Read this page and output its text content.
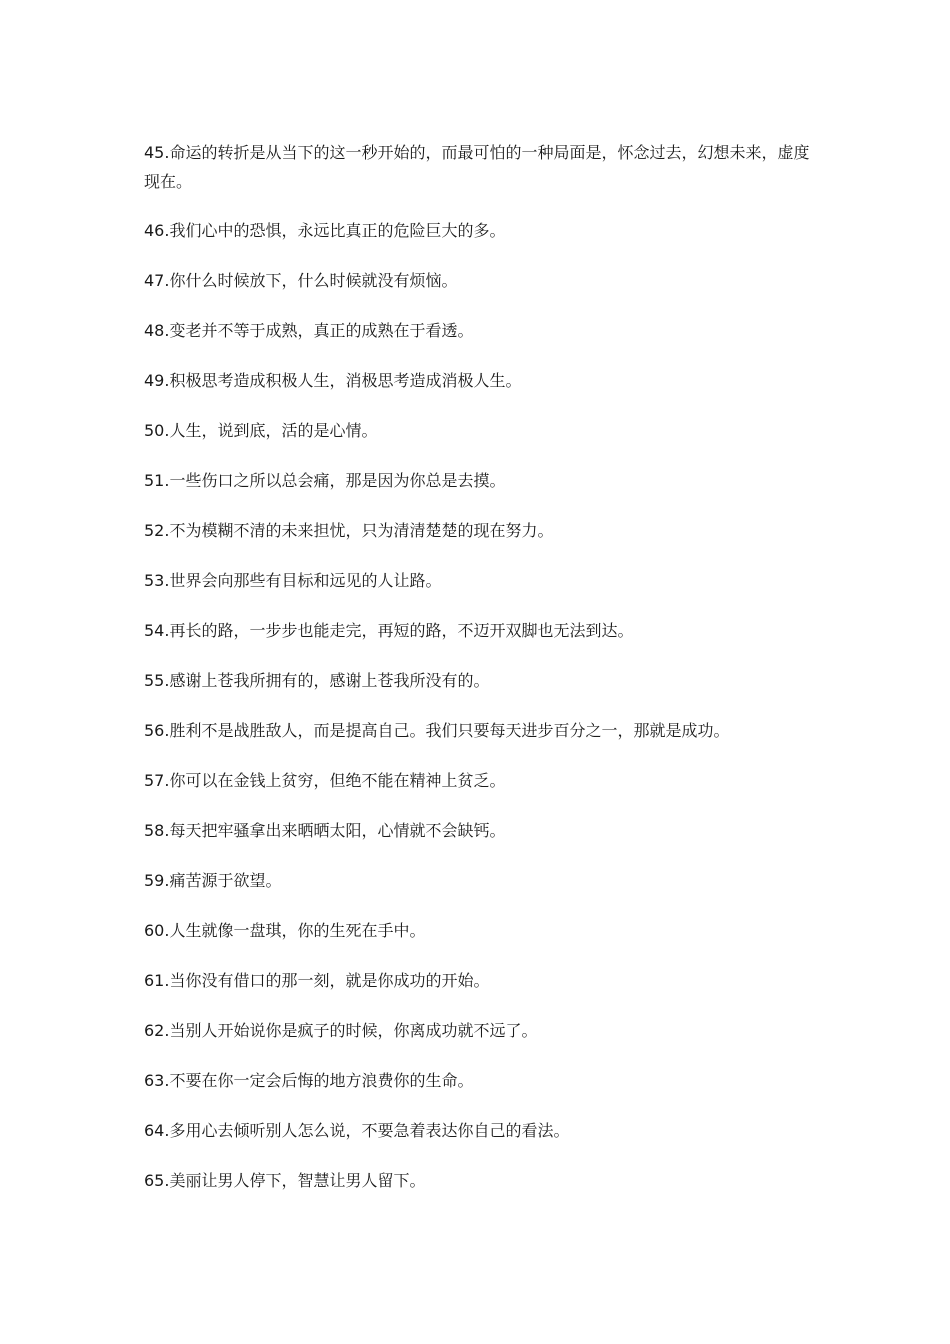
45.命运的转折是从当下的这一秒开始的，而最可怕的一种局面是，怀念过去，幻想未来，虚度现在。

46.我们心中的恐惧，永远比真正的危险巨大的多。

47.你什么时候放下，什么时候就没有烦恼。

48.变老并不等于成熟，真正的成熟在于看透。

49.积极思考造成积极人生，消极思考造成消极人生。

50.人生，说到底，活的是心情。

51.一些伤口之所以总会痛，那是因为你总是去摸。

52.不为模糊不清的未来担忧，只为清清楚楚的现在努力。

53.世界会向那些有目标和远见的人让路。

54.再长的路，一步步也能走完，再短的路，不迈开双脚也无法到达。

55.感谢上苍我所拥有的，感谢上苍我所没有的。

56.胜利不是战胜敌人，而是提高自己。我们只要每天进步百分之一，那就是成功。

57.你可以在金钱上贫穷，但绝不能在精神上贫乏。

58.每天把牢骚拿出来晒晒太阳，心情就不会缺钙。

59.痛苦源于欲望。

60.人生就像一盘琪，你的生死在手中。

61.当你没有借口的那一刻，就是你成功的开始。

62.当别人开始说你是疯子的时候，你离成功就不远了。

63.不要在你一定会后悔的地方浪费你的生命。

64.多用心去倾听别人怎么说，不要急着表达你自己的看法。

65.美丽让男人停下，智慧让男人留下。
